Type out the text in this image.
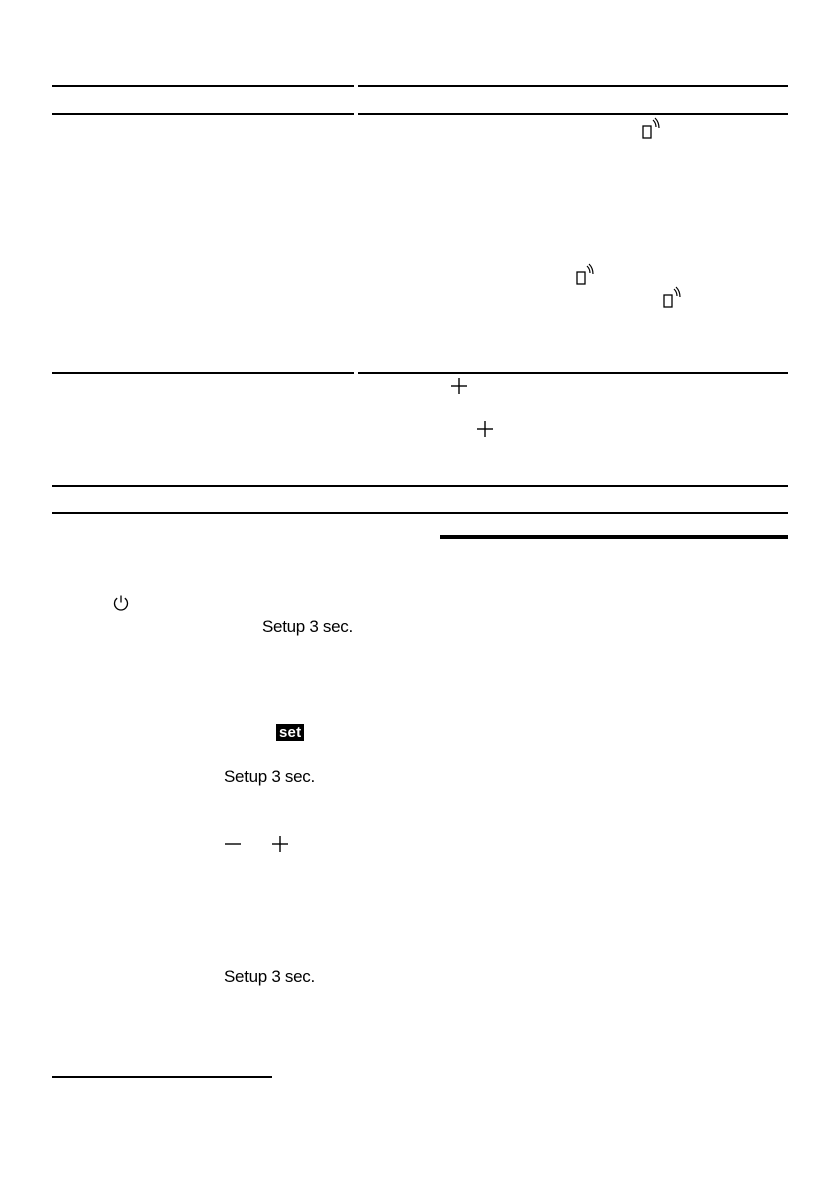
Setup 3 sec.
Setup 3 sec.
Setup 3 sec.
set
